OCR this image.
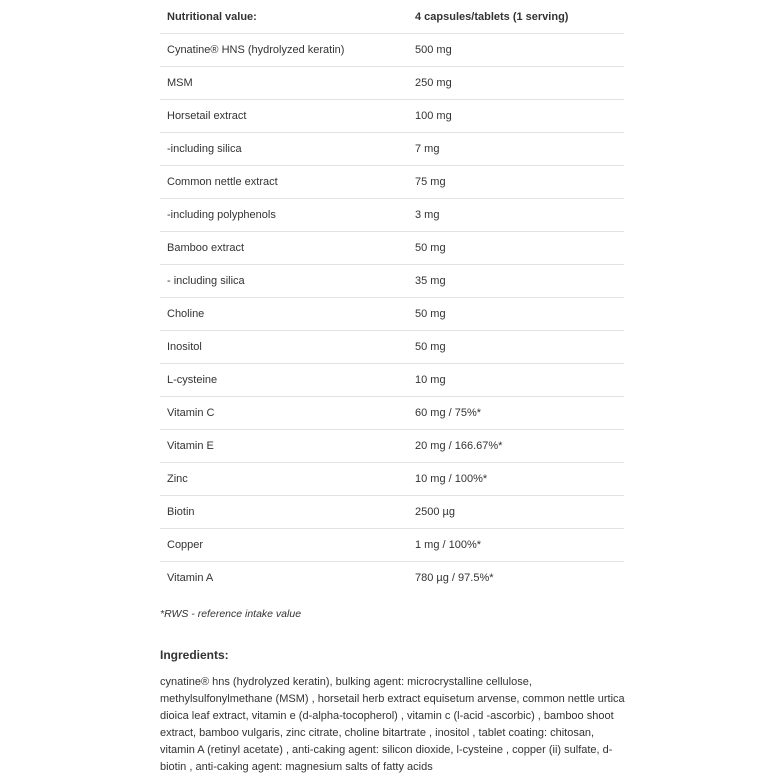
Nutritional value:	4 capsules/tablets (1 serving)
Cynatine® HNS (hydrolyzed keratin)	500 mg
MSM	250 mg
Horsetail extract	100 mg
-including silica	7 mg
Common nettle extract	75 mg
-including polyphenols	3 mg
Bamboo extract	50 mg
- including silica	35 mg
Choline	50 mg
Inositol	50 mg
L-cysteine	10 mg
Vitamin C	60 mg / 75%*
Vitamin E	20 mg / 166.67%*
Zinc	10 mg / 100%*
Biotin	2500 µg
Copper	1 mg / 100%*
Vitamin A	780 µg / 97.5%*
*RWS - reference intake value
Ingredients:
cynatine® hns (hydrolyzed keratin), bulking agent: microcrystalline cellulose, methylsulfonylmethane (MSM) , horsetail herb extract equisetum arvense, common nettle urtica dioica leaf extract, vitamin e (d-alpha-tocopherol) , vitamin c (l-acid -ascorbic) , bamboo shoot extract, bamboo vulgaris, zinc citrate, choline bitartrate , inositol , tablet coating: chitosan, vitamin A (retinyl acetate) , anti-caking agent: silicon dioxide, l-cysteine , copper (ii) sulfate, d-biotin , anti-caking agent: magnesium salts of fatty acids
